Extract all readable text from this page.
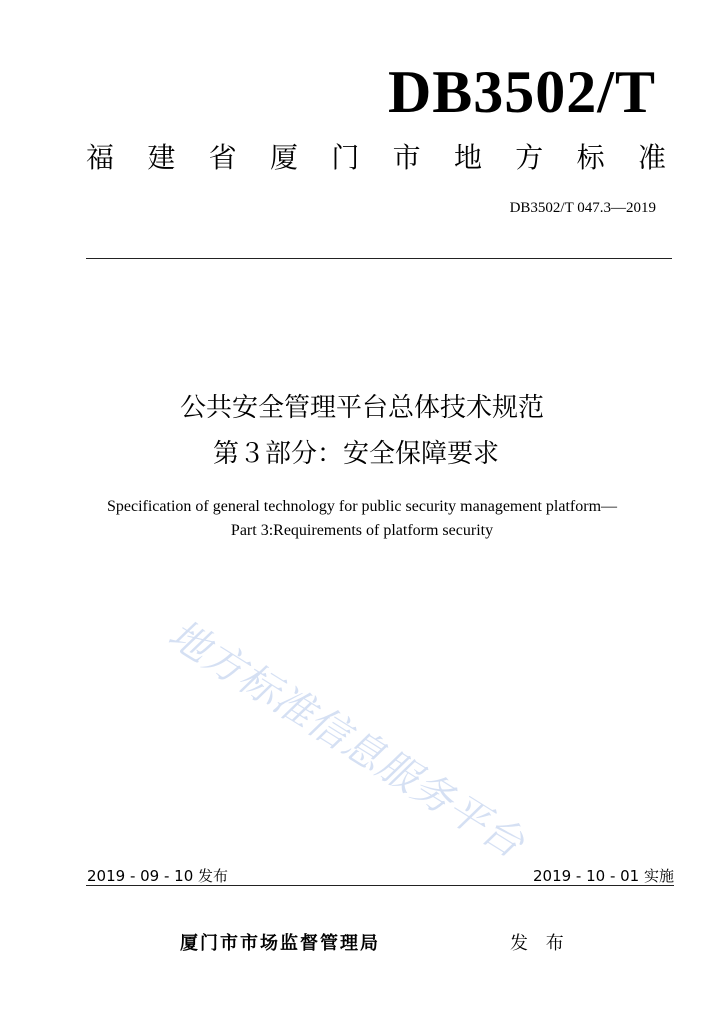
DB3502/T
福 建 省 厦 门 市 地 方 标 准
DB3502/T 047.3—2019
公共安全管理平台总体技术规范
第３部分：安全保障要求
Specification of general technology for public security management platform—
Part 3:Requirements of platform security
地方标准信息服务平台
2019 - 09 - 10 发布	2019 - 10 - 01 实施
厦门市市场监督管理局	发 布
